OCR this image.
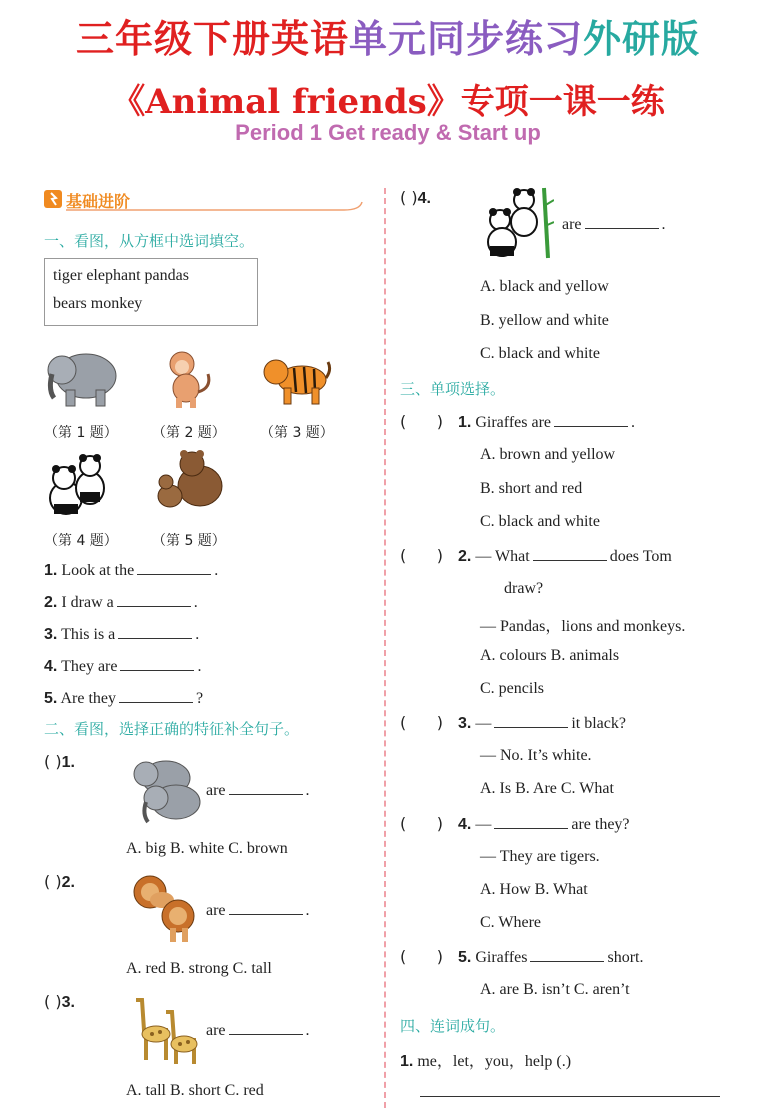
三年级下册英语单元同步练习外研版
《Animal friends》专项一课一练
Period 1 Get ready & Start up
基础进阶
一、看图，从方框中选词填空。
tiger elephant pandas
bears monkey
（第 1 题） （第 2 题） （第 3 题）
（第 4 题） （第 5 题）
1. Look at the	.
2. I draw a	.
3. This is a	.
4. They are	.
5. Are they	?
二、看图，选择正确的特征补全句子。
( )1.
are	.
A. big B. white C. brown
( )2.
are	.
A. red B. strong C. tall
( )3.
are	.
A. tall B. short C. red
( )4.
are	.
A. black and yellow
B. yellow and white
C. black and white
三、单项选择。
(      ) 1. Giraffes are	.
A. brown and yellow
B. short and red
C. black and white
(      ) 2. — What	does Tom
draw?
— Pandas，lions and monkeys.
A. colours B. animals
C. pencils
(      ) 3. —	it black?
— No. It’s white.
A. Is B. Are C. What
(      ) 4. —	are they?
— They are tigers.
A. How B. What
C. Where
(      ) 5. Giraffes	short.
A. are B. isn’t C. aren’t
四、连词成句。
1. me，let，you，help (.)
